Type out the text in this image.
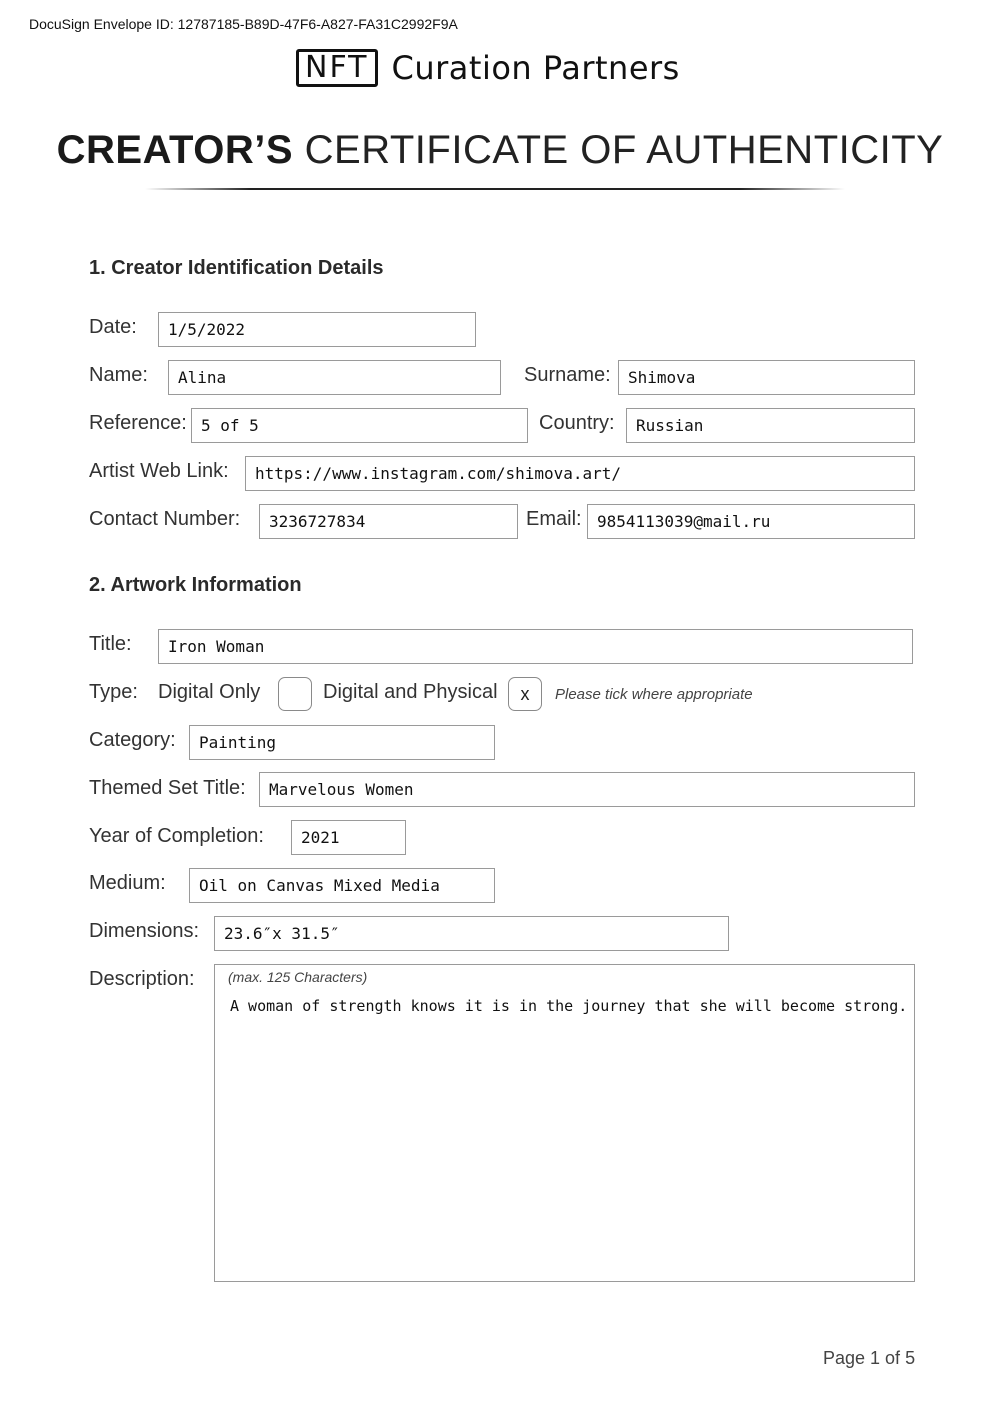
DocuSign Envelope ID: 12787185-B89D-47F6-A827-FA31C2992F9A
NFT Curation Partners
CREATOR’S CERTIFICATE OF AUTHENTICITY
1. Creator Identification Details
Date:	1/5/2022
Name:	Alina	Surname:	Shimova
Reference: 5 of 5	Country:	Russian
Artist Web Link:	https://www.instagram.com/shimova.art/
Contact Number:	3236727834	Email: 9854113039@mail.ru
2. Artwork Information
Title:	Iron Woman
Type: Digital Only	Digital and Physical	x	Please tick where appropriate
Category:	Painting
Themed Set Title:	Marvelous Women
Year of Completion:	2021
Medium:	Oil on Canvas Mixed Media
Dimensions:	23.6″x 31.5″
Description: (max. 125 Characters)
A woman of strength knows it is in the journey that she will become strong.
Page 1 of 5
